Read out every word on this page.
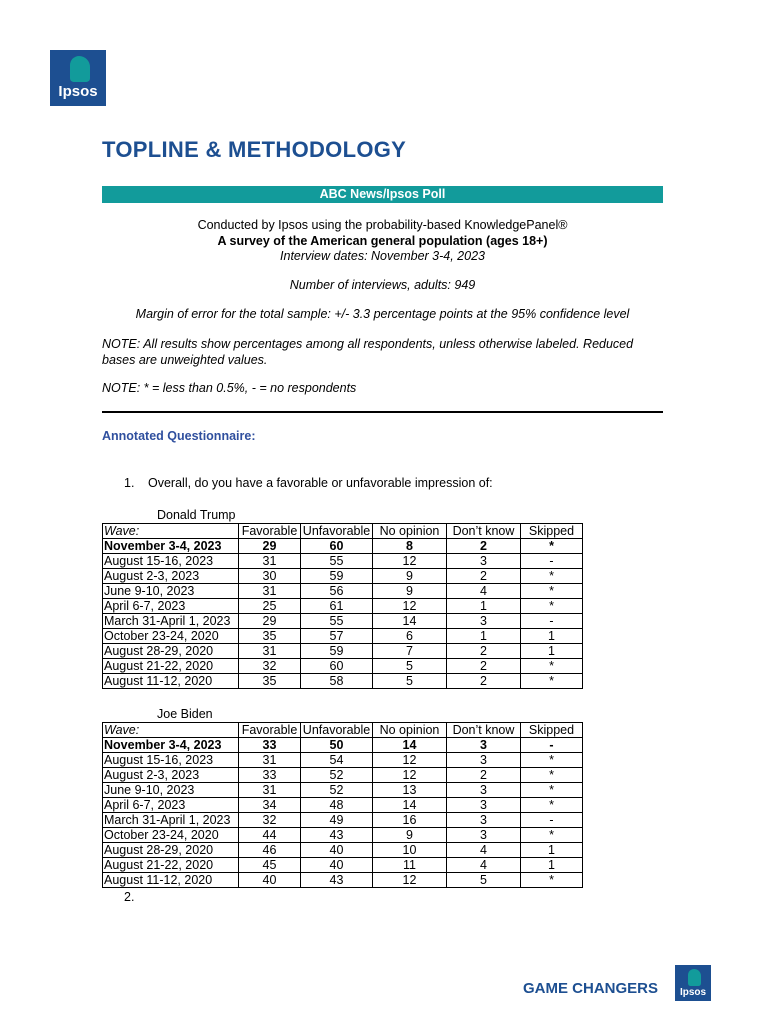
Ipsos
TOPLINE & METHODOLOGY
ABC News/Ipsos Poll
Conducted by Ipsos using the probability-based KnowledgePanel®
A survey of the American general population (ages 18+)
Interview dates: November 3-4, 2023
Number of interviews, adults: 949
Margin of error for the total sample: +/- 3.3 percentage points at the 95% confidence level
NOTE: All results show percentages among all respondents, unless otherwise labeled. Reduced bases are unweighted values.
NOTE: * = less than 0.5%, - = no respondents
Annotated Questionnaire:
1. Overall, do you have a favorable or unfavorable impression of:
Donald Trump
Wave:	Favorable	Unfavorable	No opinion	Don’t know	Skipped
November 3-4, 2023	29	60	8	2	*
August 15-16, 2023	31	55	12	3	-
August 2-3, 2023	30	59	9	2	*
June 9-10, 2023	31	56	9	4	*
April 6-7, 2023	25	61	12	1	*
March 31-April 1, 2023	29	55	14	3	-
October 23-24, 2020	35	57	6	1	1
August 28-29, 2020	31	59	7	2	1
August 21-22, 2020	32	60	5	2	*
August 11-12, 2020	35	58	5	2	*
Joe Biden
Wave:	Favorable	Unfavorable	No opinion	Don’t know	Skipped
November 3-4, 2023	33	50	14	3	-
August 15-16, 2023	31	54	12	3	*
August 2-3, 2023	33	52	12	2	*
June 9-10, 2023	31	52	13	3	*
April 6-7, 2023	34	48	14	3	*
March 31-April 1, 2023	32	49	16	3	-
October 23-24, 2020	44	43	9	3	*
August 28-29, 2020	46	40	10	4	1
August 21-22, 2020	45	40	11	4	1
August 11-12, 2020	40	43	12	5	*
2.
GAME CHANGERS	Ipsos
